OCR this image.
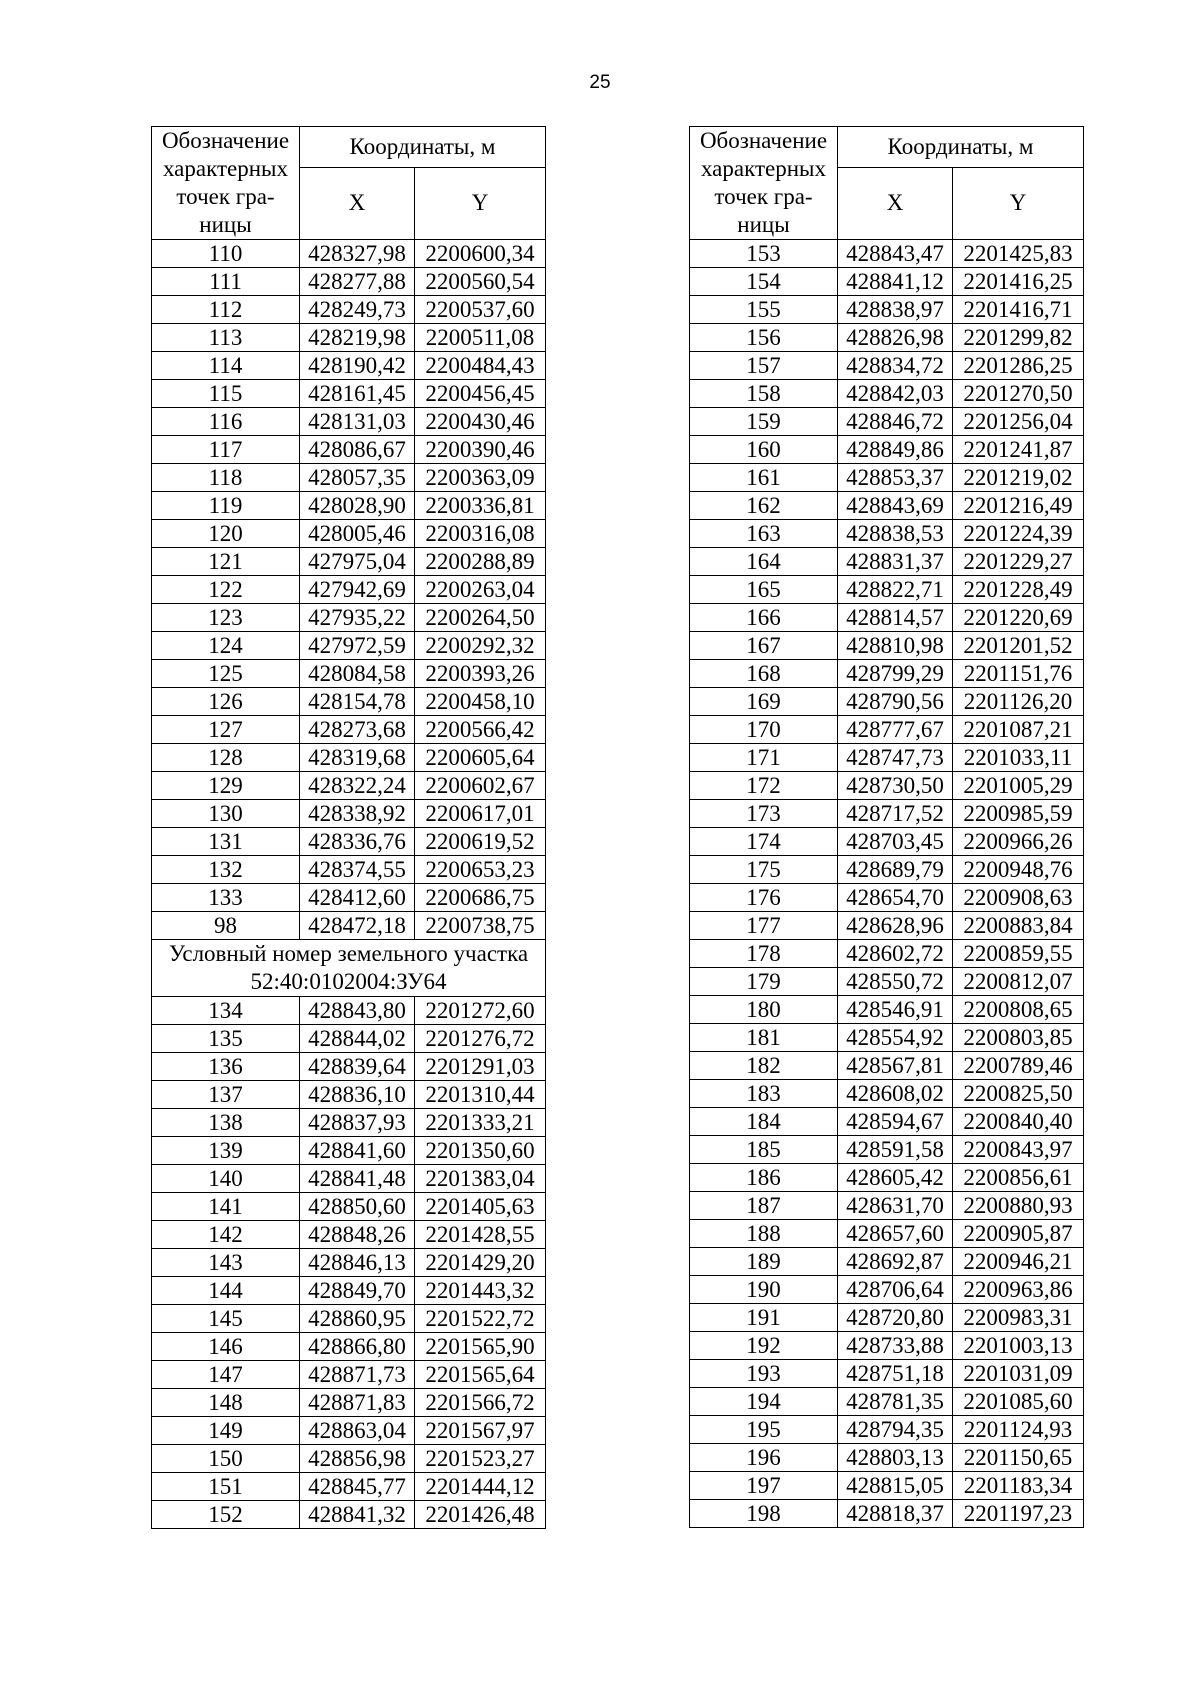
25
Обозначение характерных точек гра-ницы	Координаты, м	
	X	Y
110	428327,98	2200600,34
111	428277,88	2200560,54
112	428249,73	2200537,60
113	428219,98	2200511,08
114	428190,42	2200484,43
115	428161,45	2200456,45
116	428131,03	2200430,46
117	428086,67	2200390,46
118	428057,35	2200363,09
119	428028,90	2200336,81
120	428005,46	2200316,08
121	427975,04	2200288,89
122	427942,69	2200263,04
123	427935,22	2200264,50
124	427972,59	2200292,32
125	428084,58	2200393,26
126	428154,78	2200458,10
127	428273,68	2200566,42
128	428319,68	2200605,64
129	428322,24	2200602,67
130	428338,92	2200617,01
131	428336,76	2200619,52
132	428374,55	2200653,23
133	428412,60	2200686,75
98	428472,18	2200738,75
Условный номер земельного участка 52:40:0102004:ЗУ64		
134	428843,80	2201272,60
135	428844,02	2201276,72
136	428839,64	2201291,03
137	428836,10	2201310,44
138	428837,93	2201333,21
139	428841,60	2201350,60
140	428841,48	2201383,04
141	428850,60	2201405,63
142	428848,26	2201428,55
143	428846,13	2201429,20
144	428849,70	2201443,32
145	428860,95	2201522,72
146	428866,80	2201565,90
147	428871,73	2201565,64
148	428871,83	2201566,72
149	428863,04	2201567,97
150	428856,98	2201523,27
151	428845,77	2201444,12
152	428841,32	2201426,48
Обозначение характерных точек гра-ницы	Координаты, м	
	X	Y
153	428843,47	2201425,83
154	428841,12	2201416,25
155	428838,97	2201416,71
156	428826,98	2201299,82
157	428834,72	2201286,25
158	428842,03	2201270,50
159	428846,72	2201256,04
160	428849,86	2201241,87
161	428853,37	2201219,02
162	428843,69	2201216,49
163	428838,53	2201224,39
164	428831,37	2201229,27
165	428822,71	2201228,49
166	428814,57	2201220,69
167	428810,98	2201201,52
168	428799,29	2201151,76
169	428790,56	2201126,20
170	428777,67	2201087,21
171	428747,73	2201033,11
172	428730,50	2201005,29
173	428717,52	2200985,59
174	428703,45	2200966,26
175	428689,79	2200948,76
176	428654,70	2200908,63
177	428628,96	2200883,84
178	428602,72	2200859,55
179	428550,72	2200812,07
180	428546,91	2200808,65
181	428554,92	2200803,85
182	428567,81	2200789,46
183	428608,02	2200825,50
184	428594,67	2200840,40
185	428591,58	2200843,97
186	428605,42	2200856,61
187	428631,70	2200880,93
188	428657,60	2200905,87
189	428692,87	2200946,21
190	428706,64	2200963,86
191	428720,80	2200983,31
192	428733,88	2201003,13
193	428751,18	2201031,09
194	428781,35	2201085,60
195	428794,35	2201124,93
196	428803,13	2201150,65
197	428815,05	2201183,34
198	428818,37	2201197,23
